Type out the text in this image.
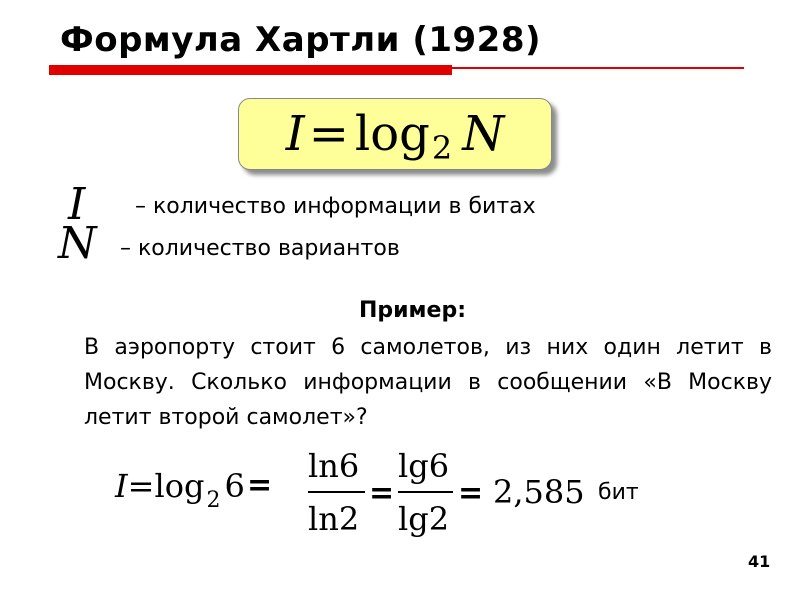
Формула Хартли (1928)
I = log 2 N
I – количество информации в битах
N – количество вариантов
Пример:
В аэропорту стоит 6 самолетов, из них один летит в Москву. Сколько информации в сообщении «В Москву летит второй самолет»?
$I=\log_2$ 6 =
ln6
ln2
=
lg6
lg2
= 2,585 бит
41
